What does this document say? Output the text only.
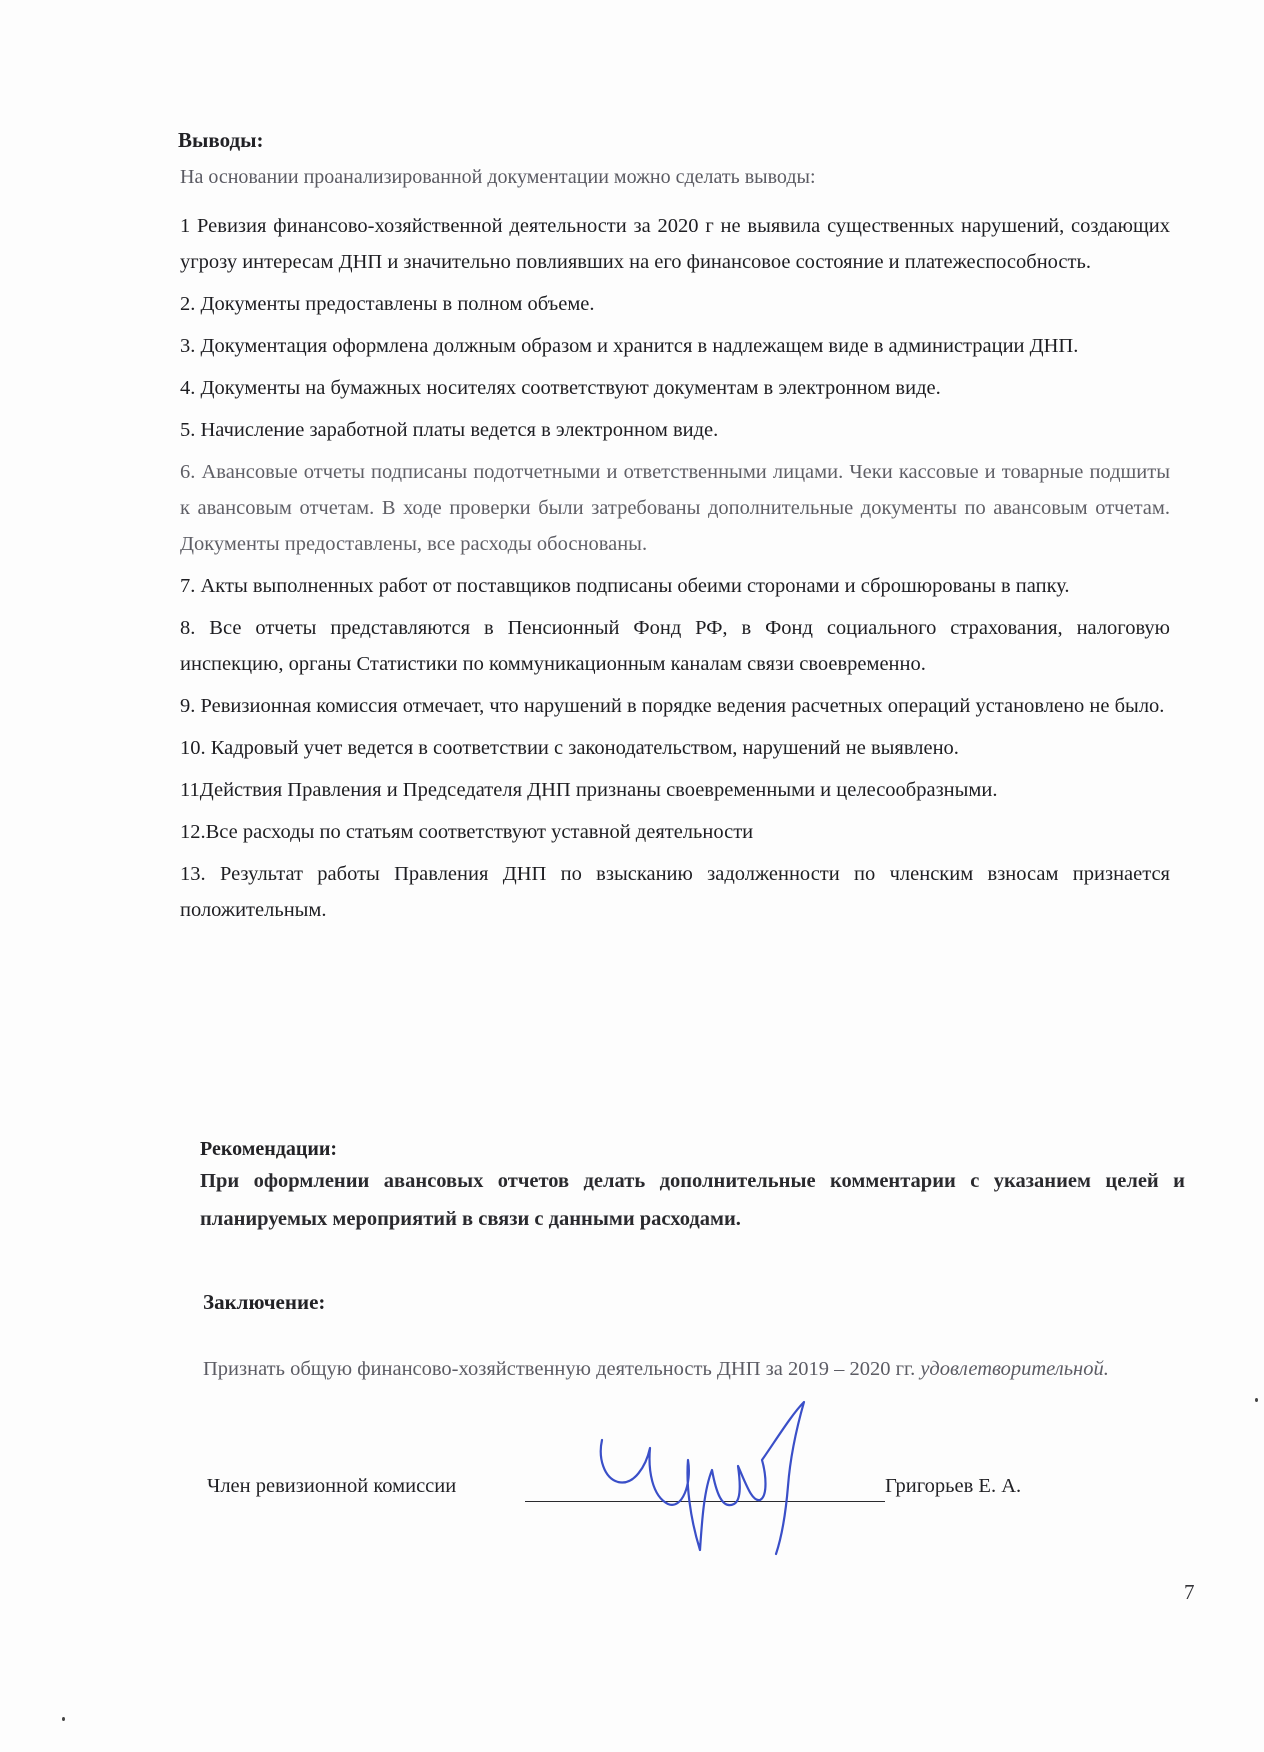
Выводы:

На основании проанализированной документации можно сделать выводы:

1 Ревизия финансово-хозяйственной деятельности за 2020 г не выявила существенных нарушений, создающих угрозу интересам ДНП и значительно повлиявших на его финансовое состояние и платежеспособность.
2. Документы предоставлены в полном объеме.
3. Документация оформлена должным образом и хранится в надлежащем виде в администрации ДНП.
4. Документы на бумажных носителях соответствуют документам в электронном виде.
5. Начисление заработной платы ведется в электронном виде.
6. Авансовые отчеты подписаны подотчетными и ответственными лицами. Чеки кассовые и товарные подшиты к авансовым отчетам. В ходе проверки были затребованы дополнительные документы по авансовым отчетам. Документы предоставлены, все расходы обоснованы.
7. Акты выполненных работ от поставщиков подписаны обеими сторонами и сброшюрованы в папку.
8. Все отчеты представляются в Пенсионный Фонд РФ, в Фонд социального страхования, налоговую инспекцию, органы Статистики по коммуникационным каналам связи своевременно.
9. Ревизионная комиссия отмечает, что нарушений в порядке ведения расчетных операций установлено не было.
10. Кадровый учет ведется в соответствии с законодательством, нарушений не выявлено.
11Действия Правления и Председателя ДНП признаны своевременными и целесообразными.
12.Все расходы по статьям соответствуют уставной деятельности
13. Результат работы Правления ДНП по взысканию задолженности по членским взносам признается положительным.
Рекомендации:

При оформлении авансовых отчетов делать дополнительные комментарии с указанием целей и планируемых мероприятий в связи с данными расходами.

Заключение:

Признать общую финансово-хозяйственную деятельность ДНП за 2019 – 2020 гг. удовлетворительной.

Член ревизионной комиссии	Григорьев Е. А.
7
